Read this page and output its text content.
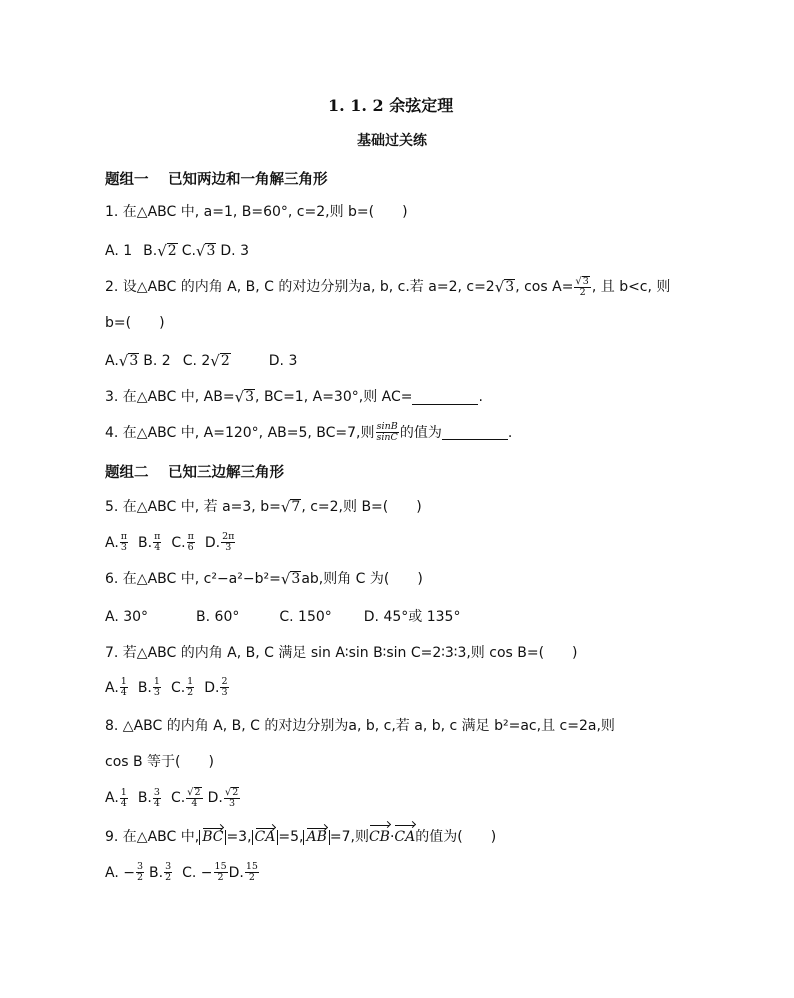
1. 1. 2 余弦定理
基础过关练
题组一　 已知两边和一角解三角形
1. 在△ABC 中, a=1, B=60°, c=2,则 b=(　　)
A. 1 B. √ 2 C. √ 3 D. 3
2. 设△ABC 的内角 A, B, C 的对边分别为a, b, c.若 a=2, c=2 √ 3 , $\cos A= \frac{√ 3}{2}$ , 且 b<c, 则
b=(　　)
A. √ 3 B. 2 C. 2 √ 2	D. 3
3. 在△ABC 中, AB= √ 3 , BC=1, A=30°,则 AC=	.
4. 在△ABC 中, A=120°, AB=5, BC=7,则 $\frac{\sin B}{\sin C}$ 的值为	.
题组二　 已知三边解三角形
5. 在△ABC 中, 若 a=3, b= √ 7 , c=2,则 B=(　　)
A. $\frac{\pi}{3} B$. $\frac{\pi}{4} C$. $\frac{\pi}{6} D$. $\frac{2\pi}{3}$
6. 在△ABC 中, c²−a²−b²= √ 3 ab,则角 C 为(　　)
A. 30°	B. 60°	C. 150° D. 45°或 135°
7. 若△ABC 的内角 A, B, C 满足 sin A∶sin B∶sin C=2∶3∶3,则 cos B=(　　)
A. $\frac{1}{4} B$. $\frac{1}{3} C$. $\frac{1}{2} D$. $\frac{2}{3}$
8. △ABC 的内角 A, B, C 的对边分别为a, b, c,若 a, b, c 满足 b²=ac,且 c=2a,则
cos B 等于(　　)
A. $\frac{1}{4} B$. $\frac{3}{4} C$. $\frac{√ 2}{4} D$. $\frac{√ 2}{3}$
9. 在△ABC 中, BC =3, CA =5, AB =7,则 CB · CA 的值为(　　)
A. − $\frac{3}{2} B$. $\frac{3}{2} C$. − $\frac{15}{2} D$. $\frac{15}{2}$
